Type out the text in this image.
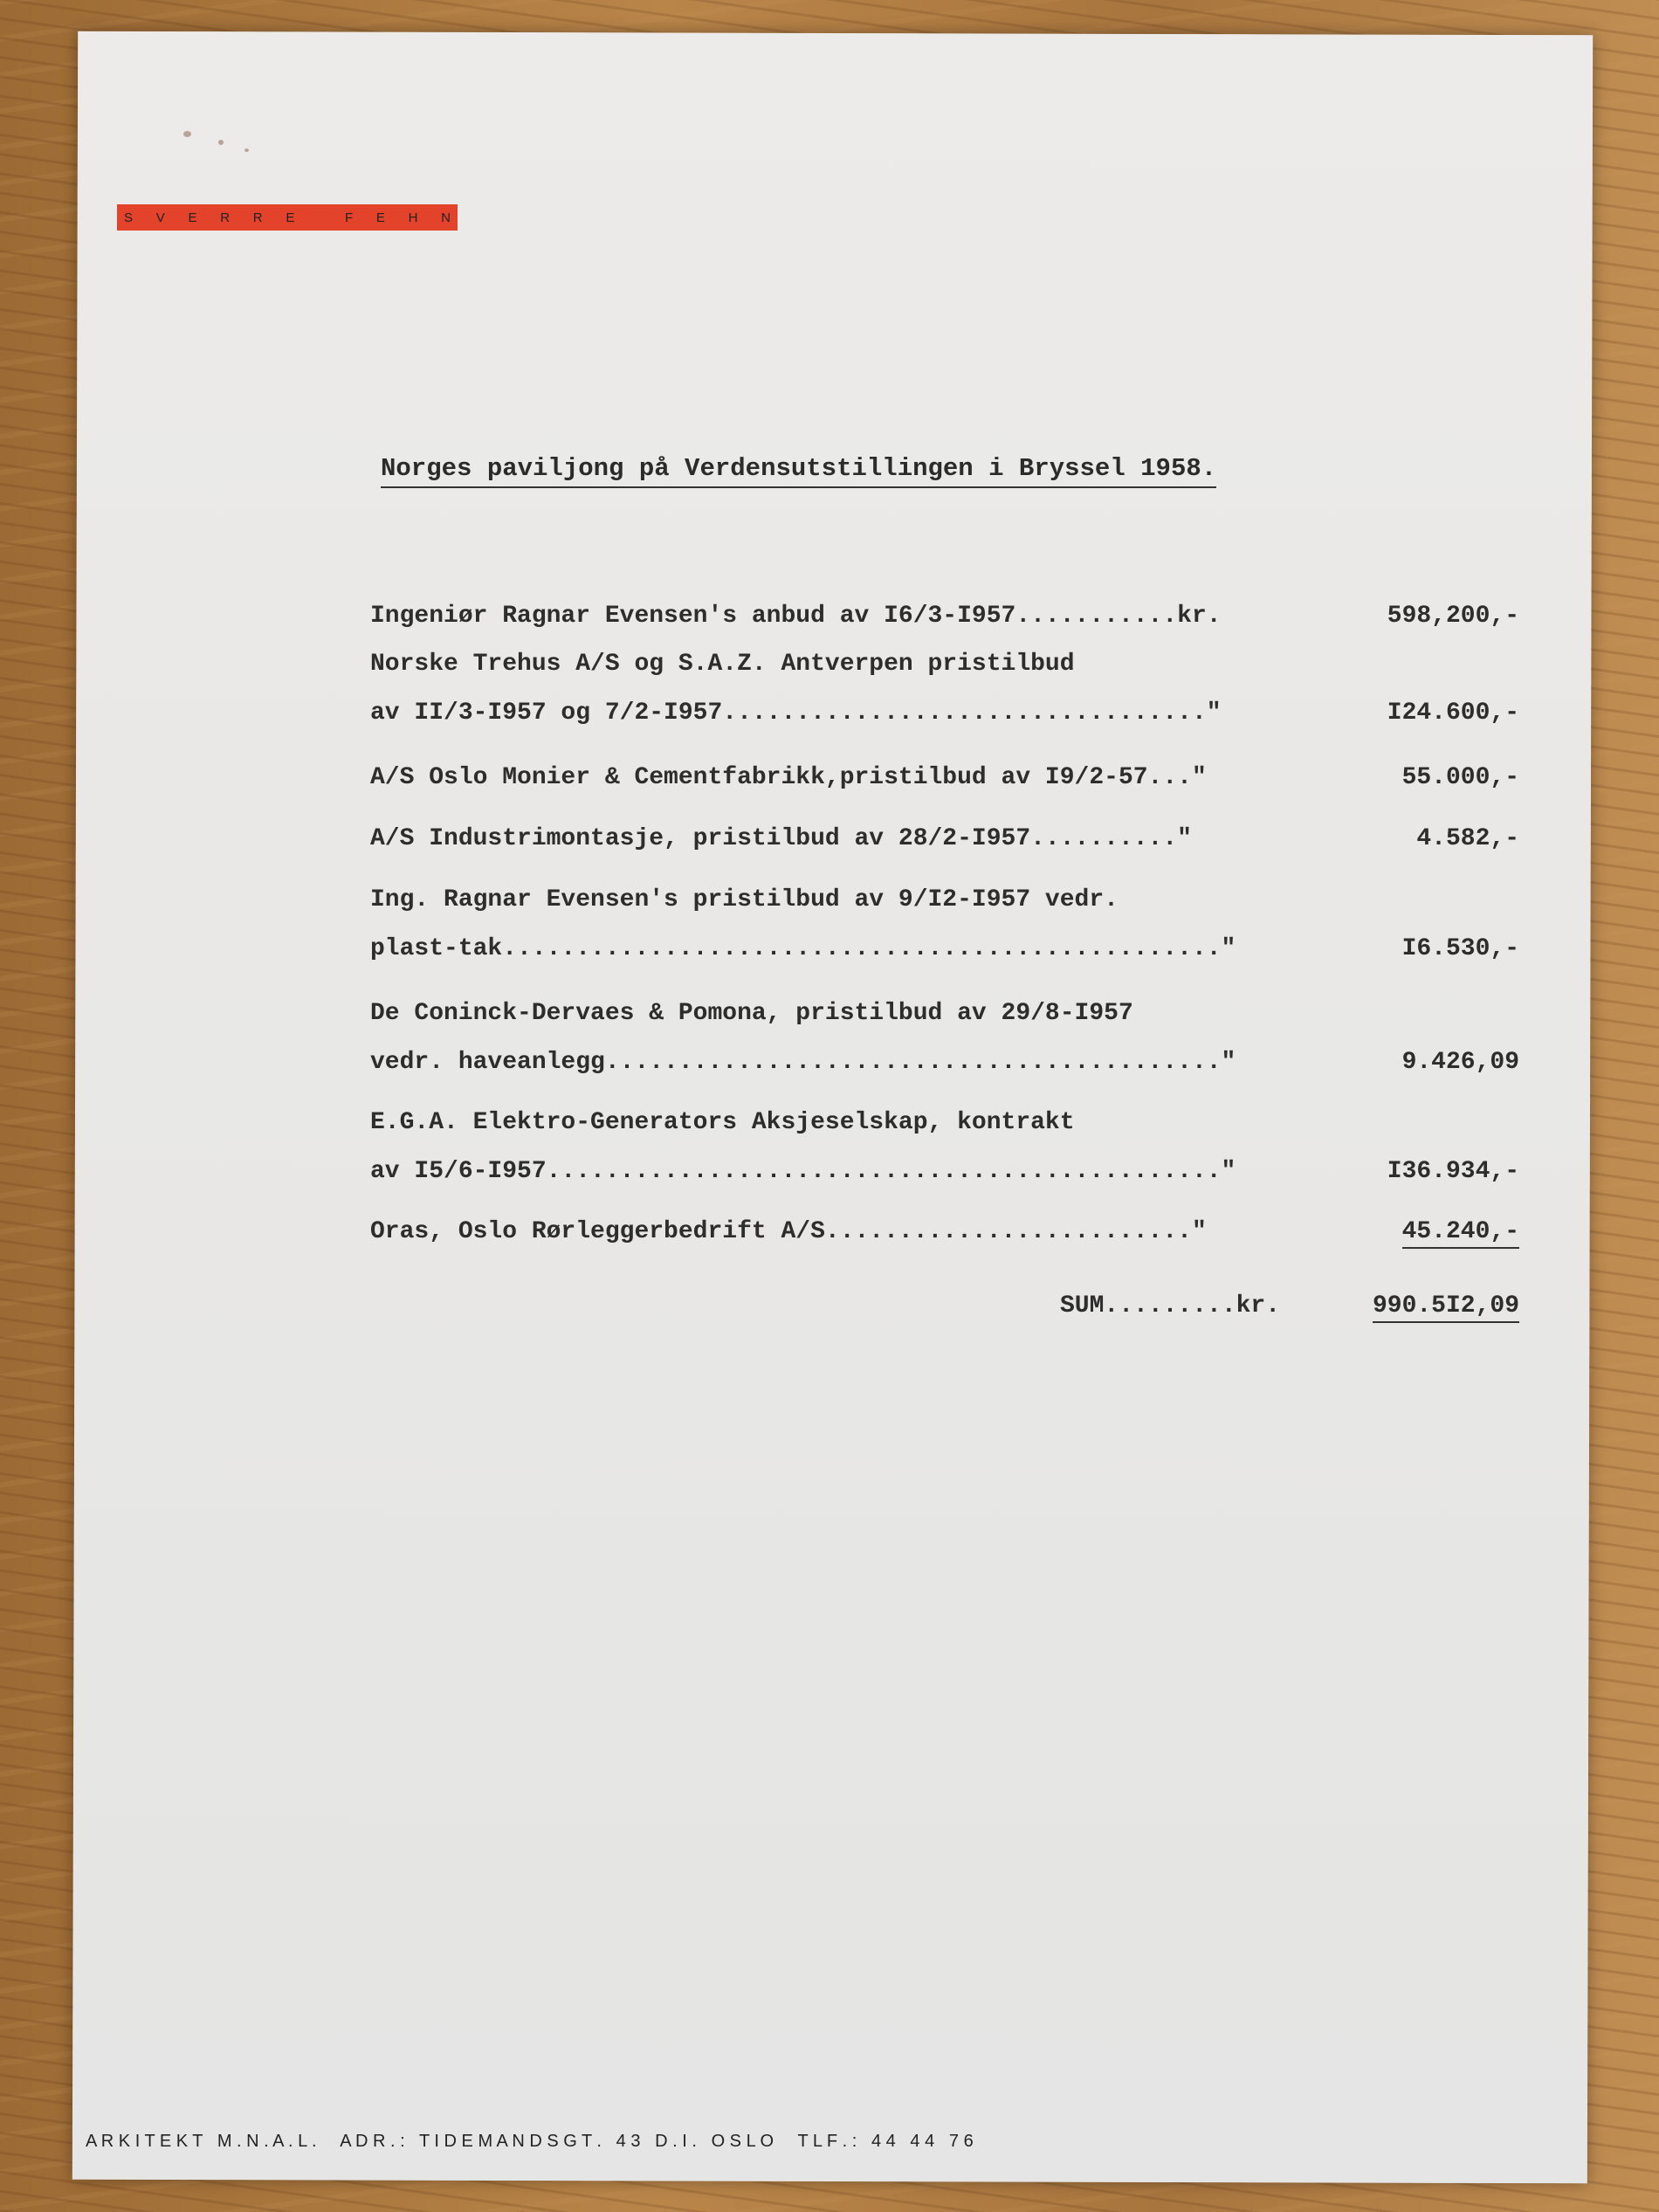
S V E R R E
	F E H N
Norges paviljong på Verdensutstillingen i Bryssel 1958.
Ingeniør Ragnar Evensen's anbud av I6/3-I957...........kr.	598,200,-
Norske Trehus A/S og S.A.Z. Antverpen pristilbud
av II/3-I957 og 7/2-I957................................."	I24.600,-
A/S Oslo Monier & Cementfabrikk,pristilbud av I9/2-57..."	55.000,-
A/S Industrimontasje, pristilbud av 28/2-I957.........."	4.582,-
Ing. Ragnar Evensen's pristilbud av 9/I2-I957 vedr.
plast-tak................................................."	I6.530,-
De Coninck-Dervaes & Pomona, pristilbud av 29/8-I957
vedr. haveanlegg.........................................."	9.426,09
E.G.A. Elektro-Generators Aksjeselskap, kontrakt
av I5/6-I957.............................................."	I36.934,-
Oras, Oslo Rørleggerbedrift A/S........................."	45.240,-
SUM.........kr.	990.5I2,09

A R K I T E K T   M . N . A . L .     A D R . :   T I D E M A N D S G T .   4 3   D . I .   O S L O     T L F . :   4 4   4 4   7 6
